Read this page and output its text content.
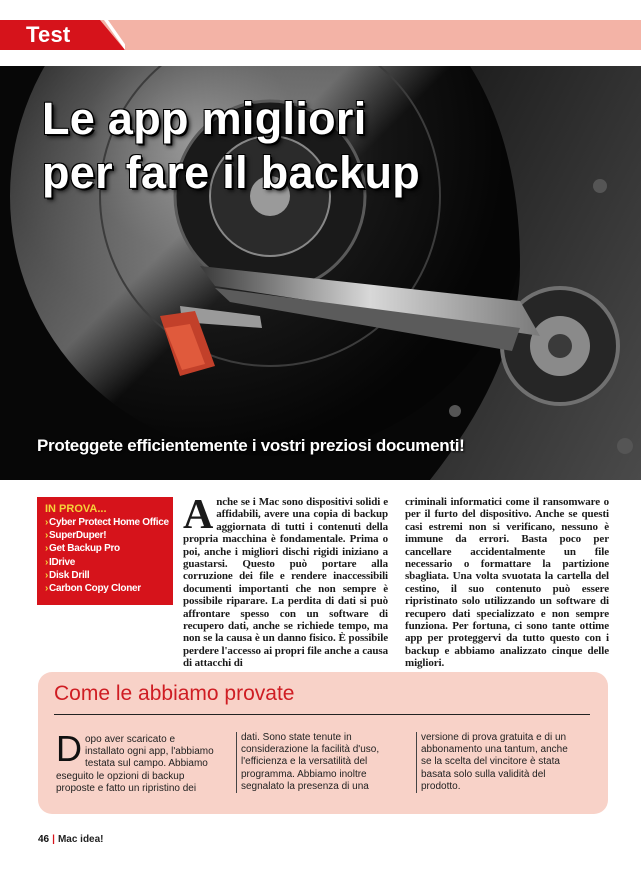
Test
Le app migliori
per fare il backup
Proteggete efficientemente i vostri preziosi documenti!
IN PROVA...
›Cyber Protect Home Office
›SuperDuper!
›Get Backup Pro
›IDrive
›Disk Drill
›Carbon Copy Cloner
Anche se i Mac sono dispositivi solidi e affidabili, avere una copia di backup aggiornata di tutti i contenuti della propria macchina è fondamentale. Prima o poi, anche i migliori dischi rigidi iniziano a guastarsi. Questo può portare alla corruzione dei file e rendere inaccessibili documenti importanti che non sempre è possibile riparare. La perdita di dati si può affrontare spesso con un software di recupero dati, anche se richiede tempo, ma non se la causa è un danno fisico. È possibile perdere l'accesso ai propri file anche a causa di attacchi di
criminali informatici come il ransomware o per il furto del dispositivo. Anche se questi casi estremi non si verificano, nessuno è immune da errori. Basta poco per cancellare accidentalmente un file necessario o formattare la partizione sbagliata. Una volta svuotata la cartella del cestino, il suo contenuto può essere ripristinato solo utilizzando un software di recupero dati specializzato e non sempre funziona. Per fortuna, ci sono tante ottime app per proteggervi da tutto questo con i backup e abbiamo analizzato cinque delle migliori.
Come le abbiamo provate
Dopo aver scaricato e installato ogni app, l'abbiamo testata sul campo. Abbiamo eseguito le opzioni di backup proposte e fatto un ripristino dei
dati. Sono state tenute in considerazione la facilità d'uso, l'efficienza e la versatilità del programma. Abbiamo inoltre segnalato la presenza di una
versione di prova gratuita e di un abbonamento una tantum, anche se la scelta del vincitore è stata basata solo sulla validità del prodotto.
46 | Mac idea!
